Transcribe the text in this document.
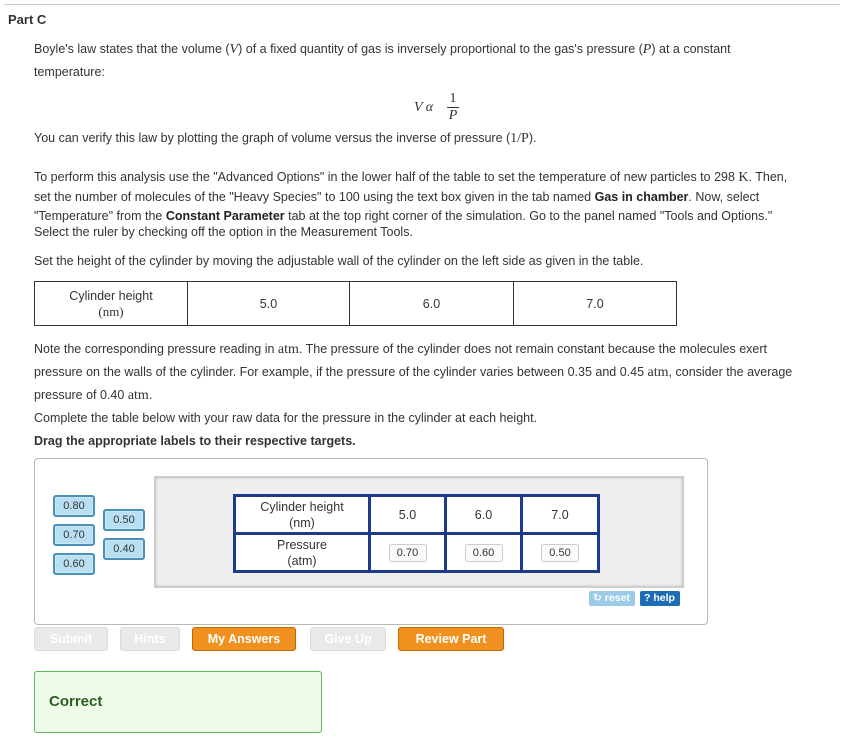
Part C
Boyle's law states that the volume (V) of a fixed quantity of gas is inversely proportional to the gas's pressure (P) at a constant
temperature:
V α
1
P
You can verify this law by plotting the graph of volume versus the inverse of pressure (1/P).
To perform this analysis use the "Advanced Options" in the lower half of the table to set the temperature of new particles to 298 K. Then,
set the number of molecules of the "Heavy Species" to 100 using the text box given in the tab named Gas in chamber. Now, select
"Temperature" from the Constant Parameter tab at the top right corner of the simulation. Go to the panel named "Tools and Options."
Select the ruler by checking off the option in the Measurement Tools.
Set the height of the cylinder by moving the adjustable wall of the cylinder on the left side as given in the table.
Cylinder height
(nm)	5.0	6.0	7.0
Note the corresponding pressure reading in atm. The pressure of the cylinder does not remain constant because the molecules exert
pressure on the walls of the cylinder. For example, if the pressure of the cylinder varies between 0.35 and 0.45 atm, consider the average
pressure of 0.40 atm.
Complete the table below with your raw data for the pressure in the cylinder at each height.
Drag the appropriate labels to their respective targets.
0.80
0.70
0.60
0.50
0.40
Cylinder height
(nm)	5.0	6.0	7.0
Pressure
(atm)	0.70	0.60	0.50
↻ reset	? help
Submit	Hints	My Answers	Give Up	Review Part
Correct
